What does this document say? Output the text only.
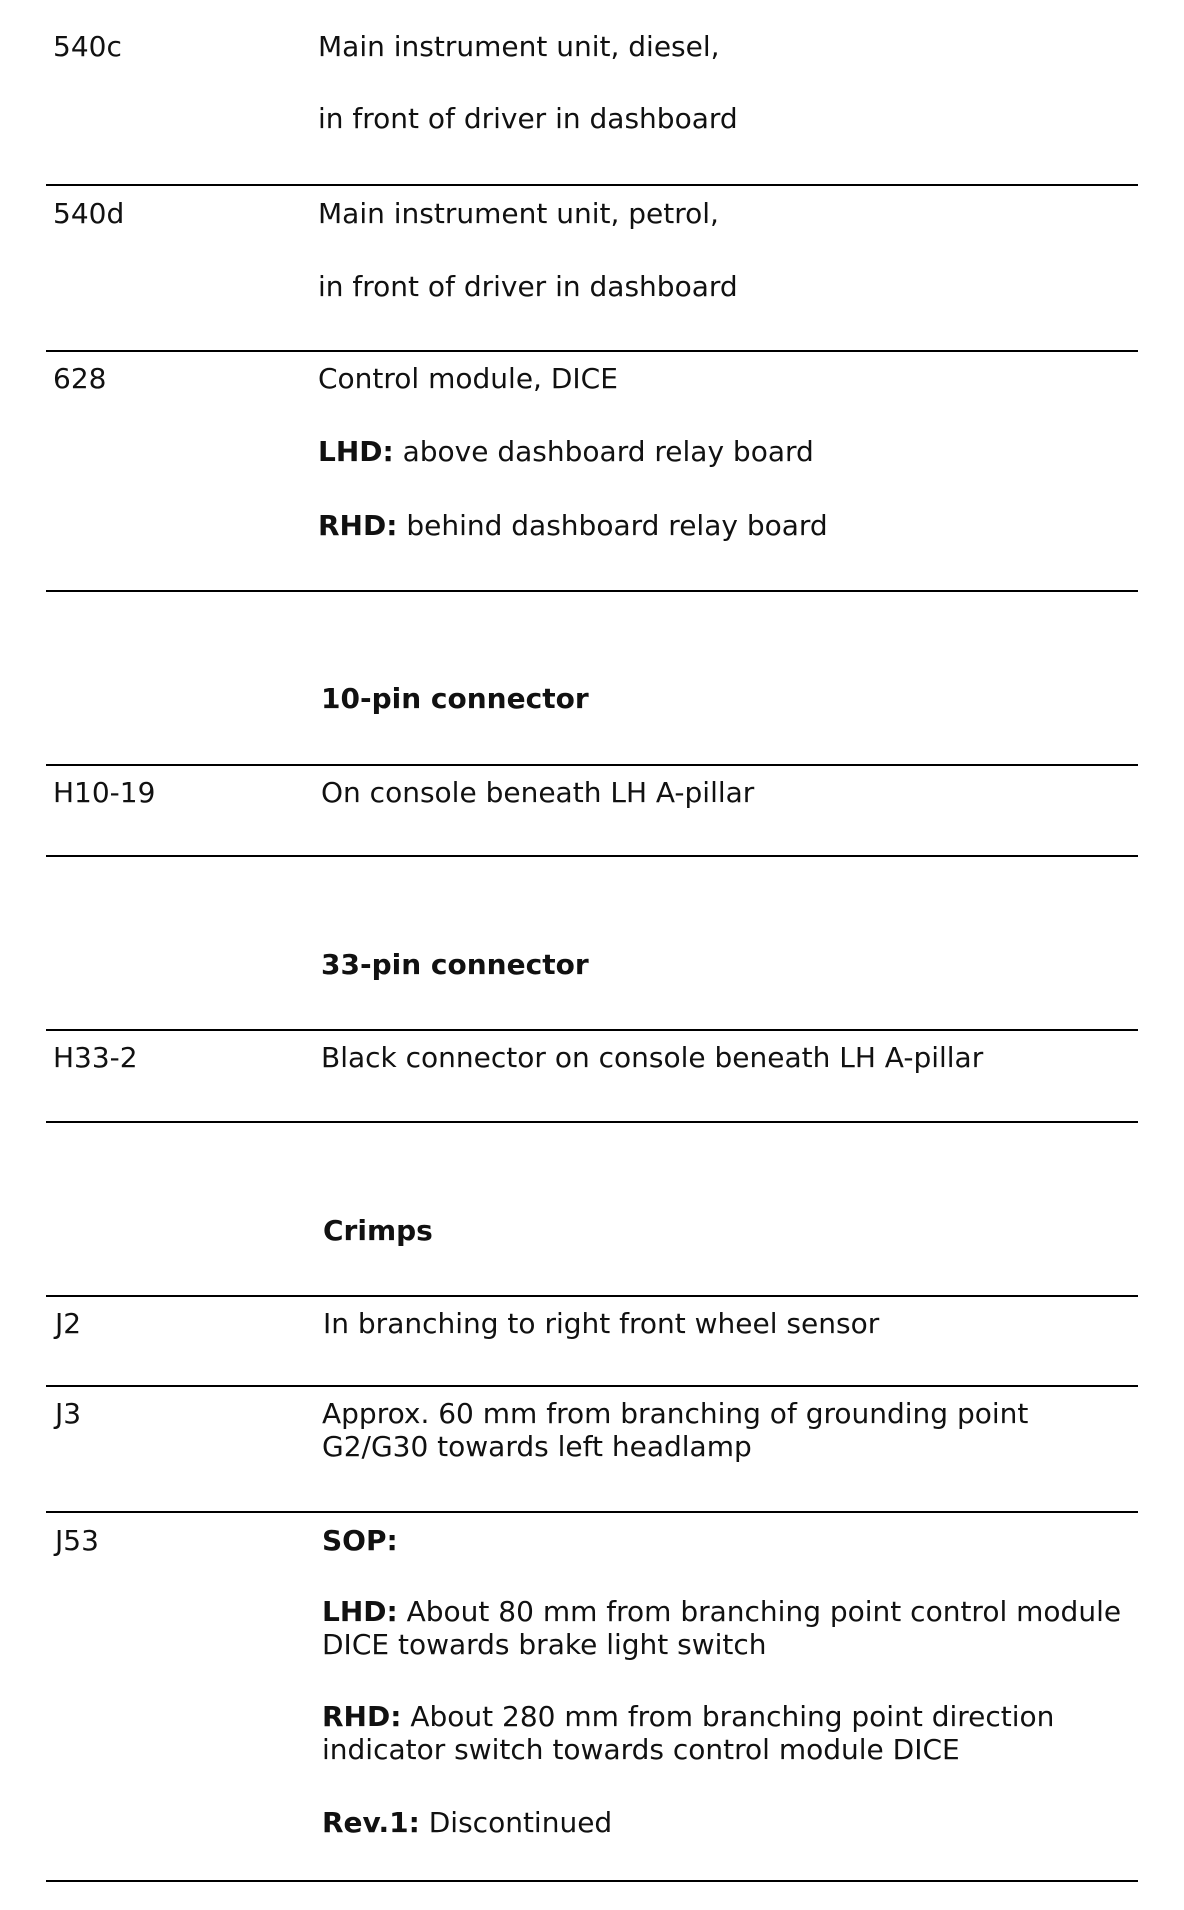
540c	Main instrument unit, diesel,
in front of driver in dashboard
540d	Main instrument unit, petrol,
in front of driver in dashboard
628	Control module, DICE
LHD: above dashboard relay board
RHD: behind dashboard relay board
10-pin connector
H10-19	On console beneath LH A-pillar
33-pin connector
H33-2	Black connector on console beneath LH A-pillar
Crimps
J2	In branching to right front wheel sensor
J3	Approx. 60 mm from branching of grounding point G2/G30 towards left headlamp
J53	SOP:
LHD: About 80 mm from branching point control module DICE towards brake light switch
RHD: About 280 mm from branching point direction indicator switch towards control module DICE
Rev.1: Discontinued
